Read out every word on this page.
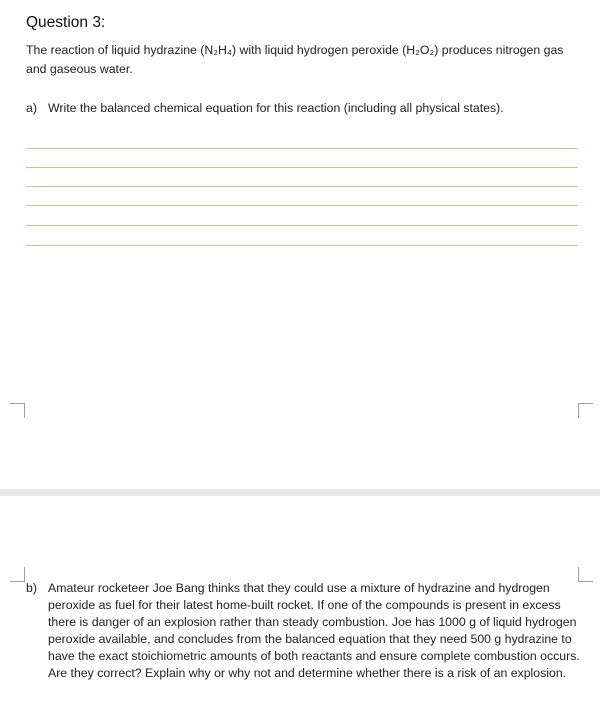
Question 3:
The reaction of liquid hydrazine (N₂H₄) with liquid hydrogen peroxide (H₂O₂) produces nitrogen gas and gaseous water.
a) Write the balanced chemical equation for this reaction (including all physical states).
b) Amateur rocketeer Joe Bang thinks that they could use a mixture of hydrazine and hydrogen peroxide as fuel for their latest home-built rocket. If one of the compounds is present in excess there is danger of an explosion rather than steady combustion. Joe has 1000 g of liquid hydrogen peroxide available, and concludes from the balanced equation that they need 500 g hydrazine to have the exact stoichiometric amounts of both reactants and ensure complete combustion occurs. Are they correct? Explain why or why not and determine whether there is a risk of an explosion.
